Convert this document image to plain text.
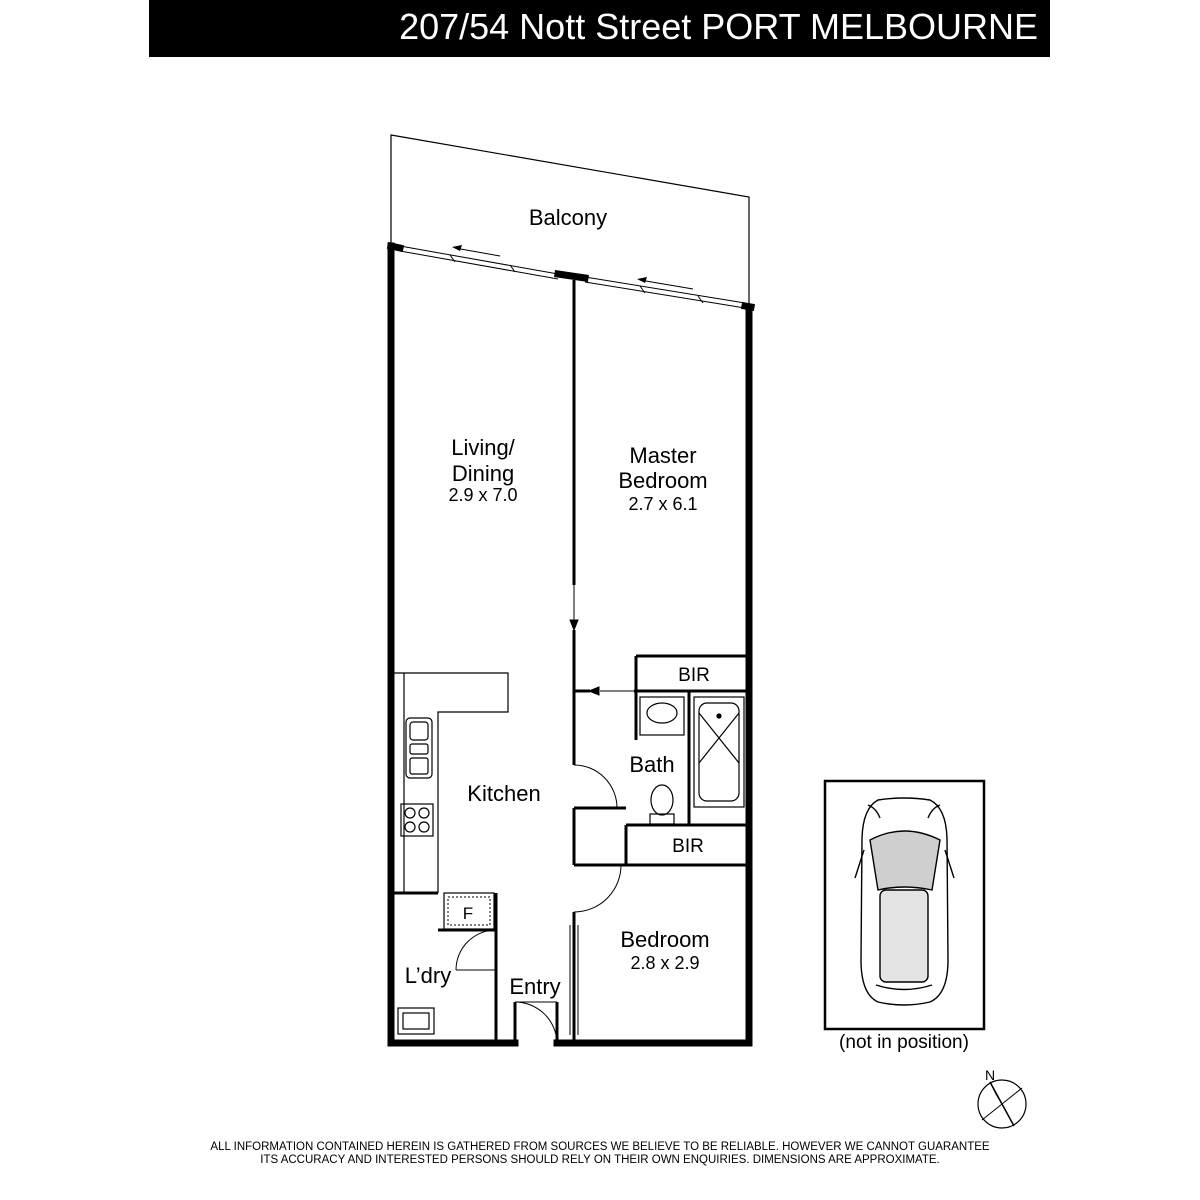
207/54 Nott Street PORT MELBOURNE
Balcony
Living/
Dining
2.9 x 7.0
Master
Bedroom
2.7 x 6.1
BIR
Bath
Kitchen
BIR
F
Bedroom
2.8 x 2.9
L’dry	Entry
(not in position)
N
ALL INFORMATION CONTAINED HEREIN IS GATHERED FROM SOURCES WE BELIEVE TO BE RELIABLE. HOWEVER WE CANNOT GUARANTEE
ITS ACCURACY AND INTERESTED PERSONS SHOULD RELY ON THEIR OWN ENQUIRIES. DIMENSIONS ARE APPROXIMATE.
